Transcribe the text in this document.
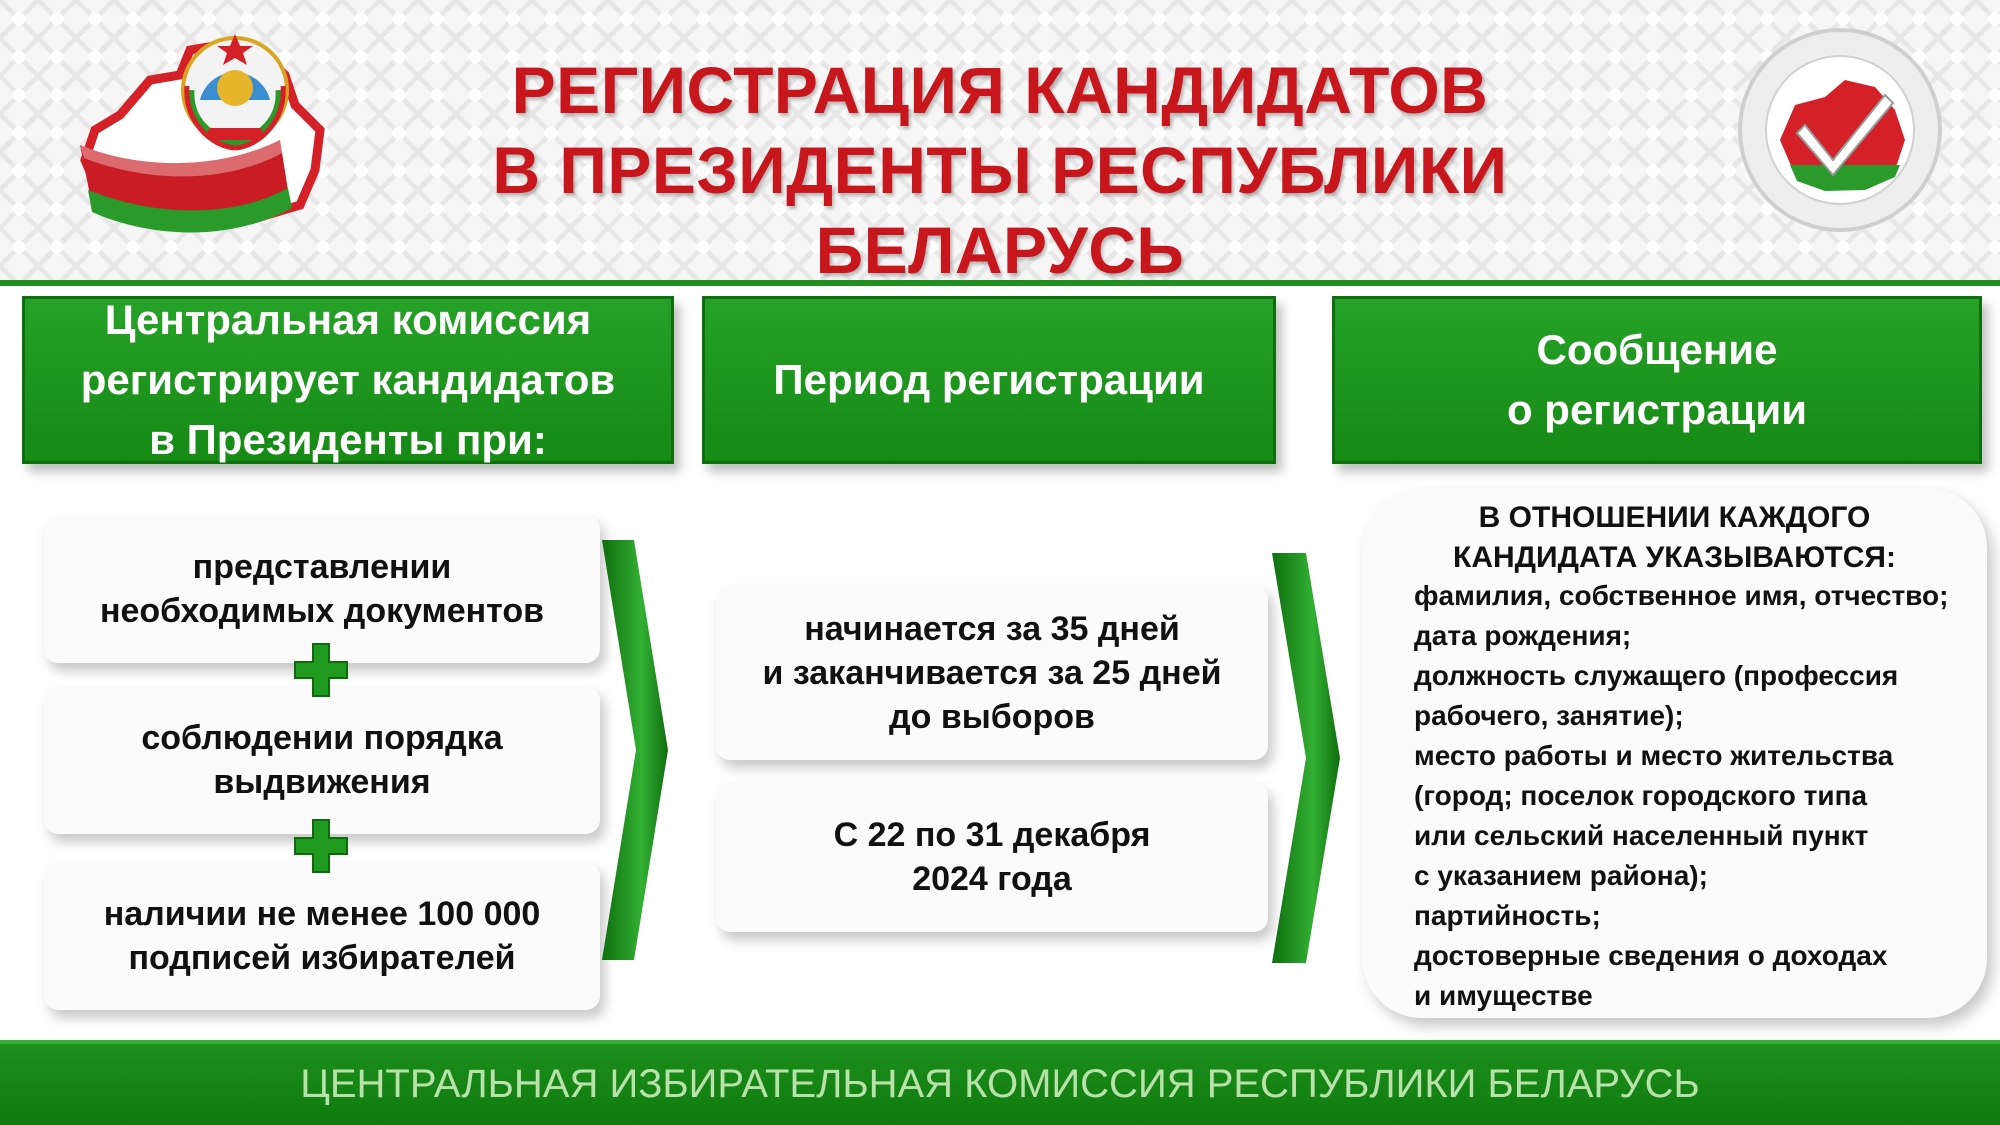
РЕГИСТРАЦИЯ КАНДИДАТОВ
В ПРЕЗИДЕНТЫ РЕСПУБЛИКИ БЕЛАРУСЬ
Центральная комиссия
регистрирует кандидатов
в Президенты при:
Период регистрации
Сообщение
о регистрации
представлении
необходимых документов
соблюдении порядка
выдвижения
наличии не менее 100 000
подписей избирателей
начинается за 35 дней
и заканчивается за 25 дней
до выборов
С 22 по 31 декабря
2024 года
В ОТНОШЕНИИ КАЖДОГО
КАНДИДАТА УКАЗЫВАЮТСЯ:
фамилия, собственное имя, отчество;
дата рождения;
должность служащего (профессия
рабочего, занятие);
место работы и место жительства
(город; поселок городского типа
или сельский населенный пункт
с указанием района);
партийность;
достоверные сведения о доходах
и имуществе
ЦЕНТРАЛЬНАЯ ИЗБИРАТЕЛЬНАЯ КОМИССИЯ РЕСПУБЛИКИ БЕЛАРУСЬ
